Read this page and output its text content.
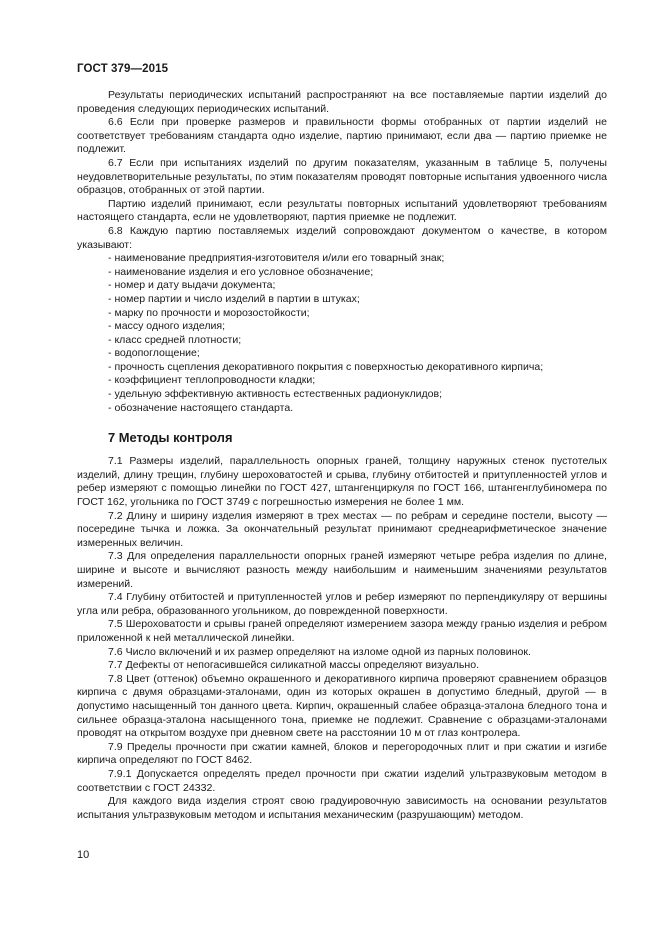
ГОСТ 379—2015

Результаты периодических испытаний распространяют на все поставляемые партии изделий до проведения следующих периодических испытаний.

6.6 Если при проверке размеров и правильности формы отобранных от партии изделий не соответствует требованиям стандарта одно изделие, партию принимают, если два — партию приемке не подлежит.

6.7 Если при испытаниях изделий по другим показателям, указанным в таблице 5, получены неудовлетворительные результаты, по этим показателям проводят повторные испытания удвоенного числа образцов, отобранных от этой партии.

Партию изделий принимают, если результаты повторных испытаний удовлетворяют требованиям настоящего стандарта, если не удовлетворяют, партия приемке не подлежит.

6.8 Каждую партию поставляемых изделий сопровождают документом о качестве, в котором указывают:

- наименование предприятия-изготовителя и/или его товарный знак;

- наименование изделия и его условное обозначение;

- номер и дату выдачи документа;

- номер партии и число изделий в партии в штуках;

- марку по прочности и морозостойкости;

- массу одного изделия;

- класс средней плотности;

- водопоглощение;

- прочность сцепления декоративного покрытия с поверхностью декоративного кирпича;

- коэффициент теплопроводности кладки;

- удельную эффективную активность естественных радионуклидов;

- обозначение настоящего стандарта.

7 Методы контроля

7.1 Размеры изделий, параллельность опорных граней, толщину наружных стенок пустотелых изделий, длину трещин, глубину шероховатостей и срыва, глубину отбитостей и притупленностей углов и ребер измеряют с помощью линейки по ГОСТ 427, штангенциркуля по ГОСТ 166, штангенглубиномера по ГОСТ 162, угольника по ГОСТ 3749 с погрешностью измерения не более 1 мм.

7.2 Длину и ширину изделия измеряют в трех местах — по ребрам и середине постели, высоту — посередине тычка и ложка. За окончательный результат принимают среднеарифметическое значение измеренных величин.

7.3 Для определения параллельности опорных граней измеряют четыре ребра изделия по длине, ширине и высоте и вычисляют разность между наибольшим и наименьшим значениями результатов измерений.

7.4 Глубину отбитостей и притупленностей углов и ребер измеряют по перпендикуляру от вершины угла или ребра, образованного угольником, до поврежденной поверхности.

7.5 Шероховатости и срывы граней определяют измерением зазора между гранью изделия и ребром приложенной к ней металлической линейки.

7.6 Число включений и их размер определяют на изломе одной из парных половинок.

7.7 Дефекты от непогасившейся силикатной массы определяют визуально.

7.8 Цвет (оттенок) объемно окрашенного и декоративного кирпича проверяют сравнением образцов кирпича с двумя образцами-эталонами, один из которых окрашен в допустимо бледный, другой — в допустимо насыщенный тон данного цвета. Кирпич, окрашенный слабее образца-эталона бледного тона и сильнее образца-эталона насыщенного тона, приемке не подлежит. Сравнение с образцами-эталонами проводят на открытом воздухе при дневном свете на расстоянии 10 м от глаз контролера.

7.9 Пределы прочности при сжатии камней, блоков и перегородочных плит и при сжатии и изгибе кирпича определяют по ГОСТ 8462.

7.9.1 Допускается определять предел прочности при сжатии изделий ультразвуковым методом в соответствии с ГОСТ 24332.

Для каждого вида изделия строят свою градуировочную зависимость на основании результатов испытания ультразвуковым методом и испытания механическим (разрушающим) методом.

10
